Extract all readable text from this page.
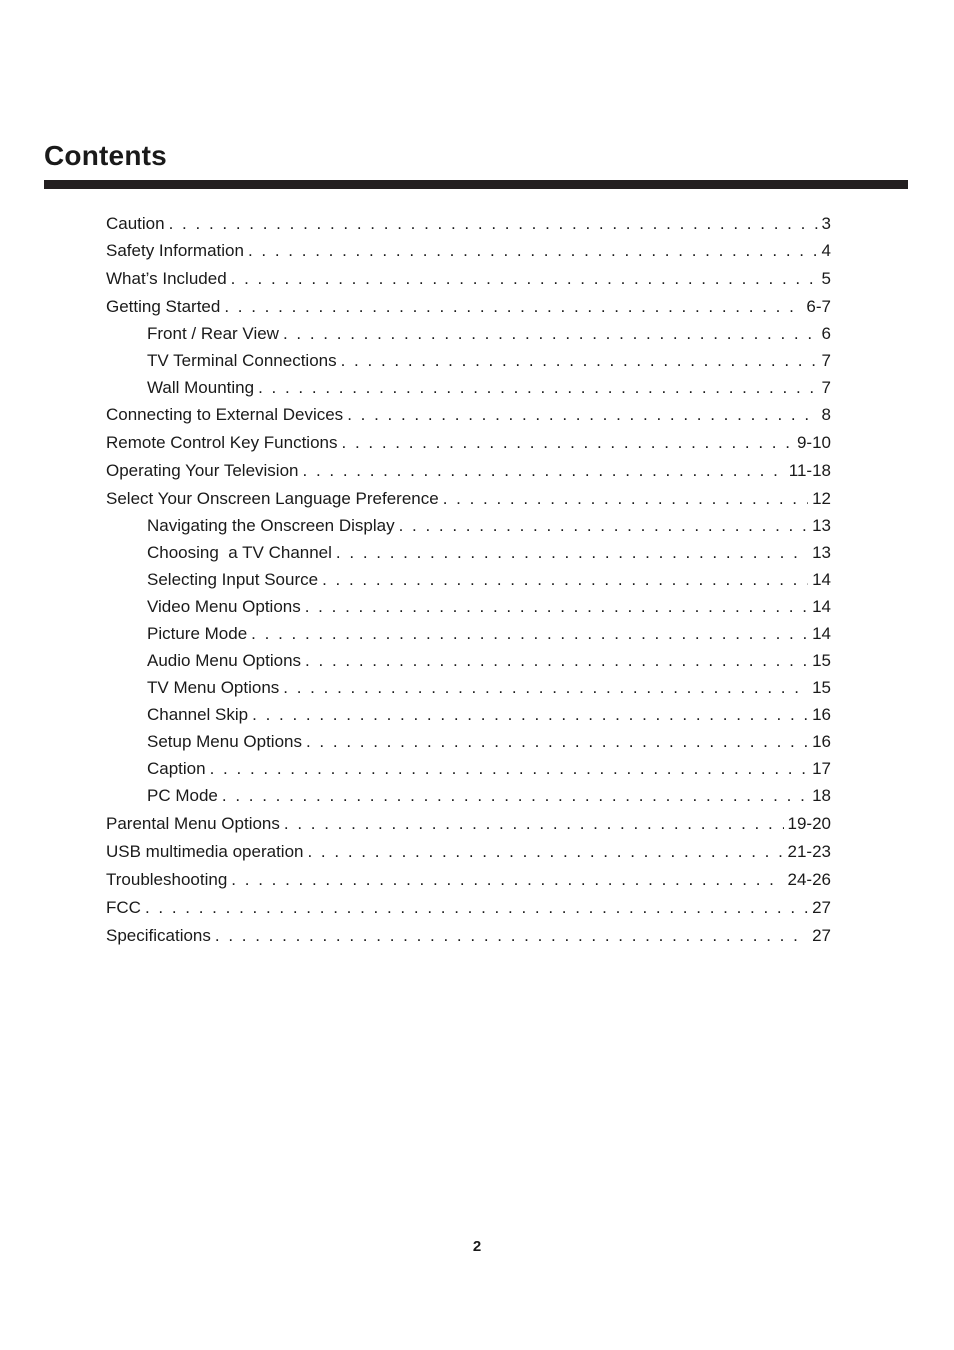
Contents
Caution . . .	3
Safety Information . . .	4
What’s Included . . .	5
Getting Started . . .	6-7
Front / Rear View . . .	6
TV Terminal Connections . . .	7
Wall Mounting . . .	7
Connecting to External Devices . . .	8
Remote Control Key Functions . . .	9-10
Operating Your Television . . .	11-18
Select Your Onscreen Language Preference . . .	12
Navigating the Onscreen Display . . .	13
Choosing  a TV Channel . . .	13
Selecting Input Source . . .	14
Video Menu Options . . .	14
Picture Mode . . .	14
Audio Menu Options . . .	15
TV Menu Options . . .	15
Channel Skip . . .	16
Setup Menu Options . . .	16
Caption . . .	17
PC Mode . . .	18
Parental Menu Options . . .	19-20
USB multimedia operation . . .	21-23
Troubleshooting . . .	24-26
FCC . . .	27
Specifications . . .	27
2
